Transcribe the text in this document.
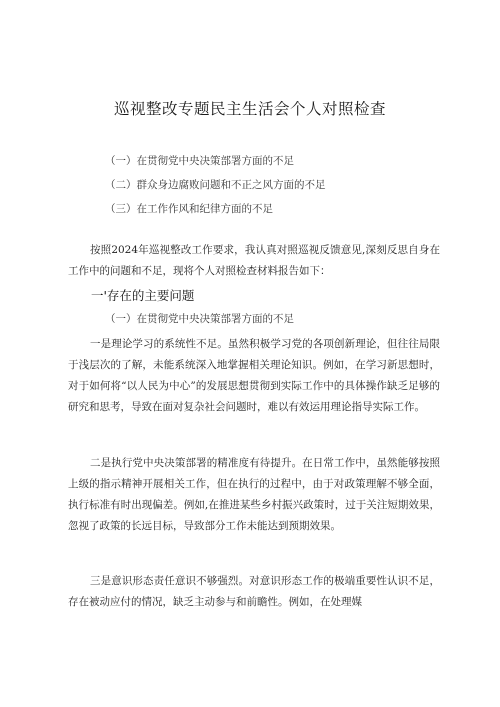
巡视整改专题民主生活会个人对照检查
（一）在贯彻党中央决策部署方面的不足
（二）群众身边腐败问题和不正之风方面的不足
（三）在工作作风和纪律方面的不足
按照2024年巡视整改工作要求，我认真对照巡视反馈意见,深刻反思自身在工作中的问题和不足，现将个人对照检查材料报告如下：
一'存在的主要问题
（一）在贯彻党中央决策部署方面的不足
一是理论学习的系统性不足。虽然积极学习党的各项创新理论，但往往局限于浅层次的了解，未能系统深入地掌握相关理论知识。例如，在学习新思想时，对于如何将“以人民为中心”的发展思想贯彻到实际工作中的具体操作缺乏足够的研究和思考，导致在面对复杂社会问题时，难以有效运用理论指导实际工作。
二是执行党中央决策部署的精准度有待提升。在日常工作中，虽然能够按照上级的指示精神开展相关工作，但在执行的过程中，由于对政策理解不够全面，执行标准有时出现偏差。例如,在推进某些乡村振兴政策时，过于关注短期效果，忽视了政策的长远目标，导致部分工作未能达到预期效果。
三是意识形态责任意识不够强烈。对意识形态工作的极端重要性认识不足，存在被动应付的情况，缺乏主动参与和前瞻性。例如，在处理媒
